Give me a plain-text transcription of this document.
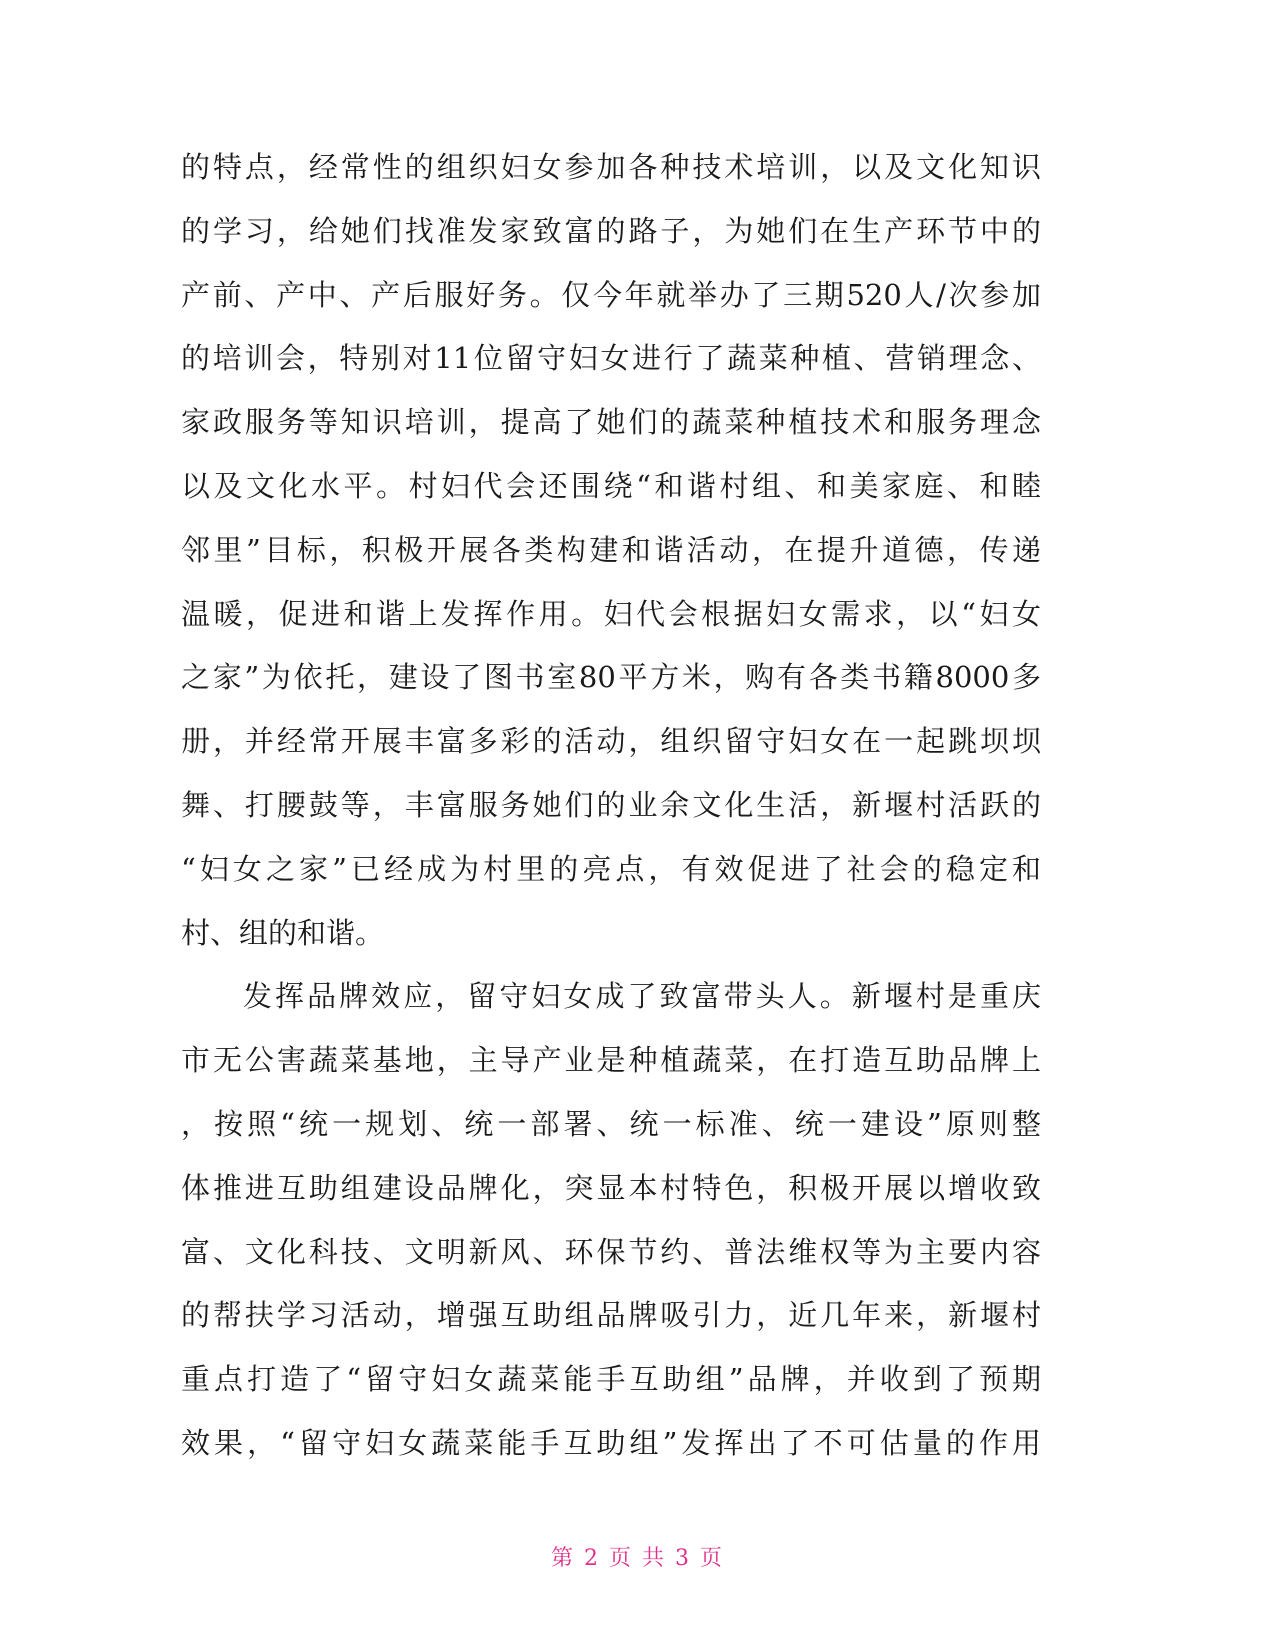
的特点，经常性的组织妇女参加各种技术培训，以及文化知识
的学习，给她们找准发家致富的路子，为她们在生产环节中的
产前、产中、产后服好务。仅今年就举办了三期520人/次参加
的培训会，特别对11位留守妇女进行了蔬菜种植、营销理念、
家政服务等知识培训，提高了她们的蔬菜种植技术和服务理念
以及文化水平。村妇代会还围绕“和谐村组、和美家庭、和睦
邻里”目标，积极开展各类构建和谐活动，在提升道德，传递
温暖，促进和谐上发挥作用。妇代会根据妇女需求，以“妇女
之家”为依托，建设了图书室80平方米，购有各类书籍8000多
册，并经常开展丰富多彩的活动，组织留守妇女在一起跳坝坝
舞、打腰鼓等，丰富服务她们的业余文化生活，新堰村活跃的
“妇女之家”已经成为村里的亮点，有效促进了社会的稳定和
村、组的和谐。
发挥品牌效应，留守妇女成了致富带头人。新堰村是重庆
市无公害蔬菜基地，主导产业是种植蔬菜，在打造互助品牌上
，按照“统一规划、统一部署、统一标准、统一建设”原则整
体推进互助组建设品牌化，突显本村特色，积极开展以增收致
富、文化科技、文明新风、环保节约、普法维权等为主要内容
的帮扶学习活动，增强互助组品牌吸引力，近几年来，新堰村
重点打造了“留守妇女蔬菜能手互助组”品牌，并收到了预期
效果，“留守妇女蔬菜能手互助组”发挥出了不可估量的作用
第 2 页 共 3 页
